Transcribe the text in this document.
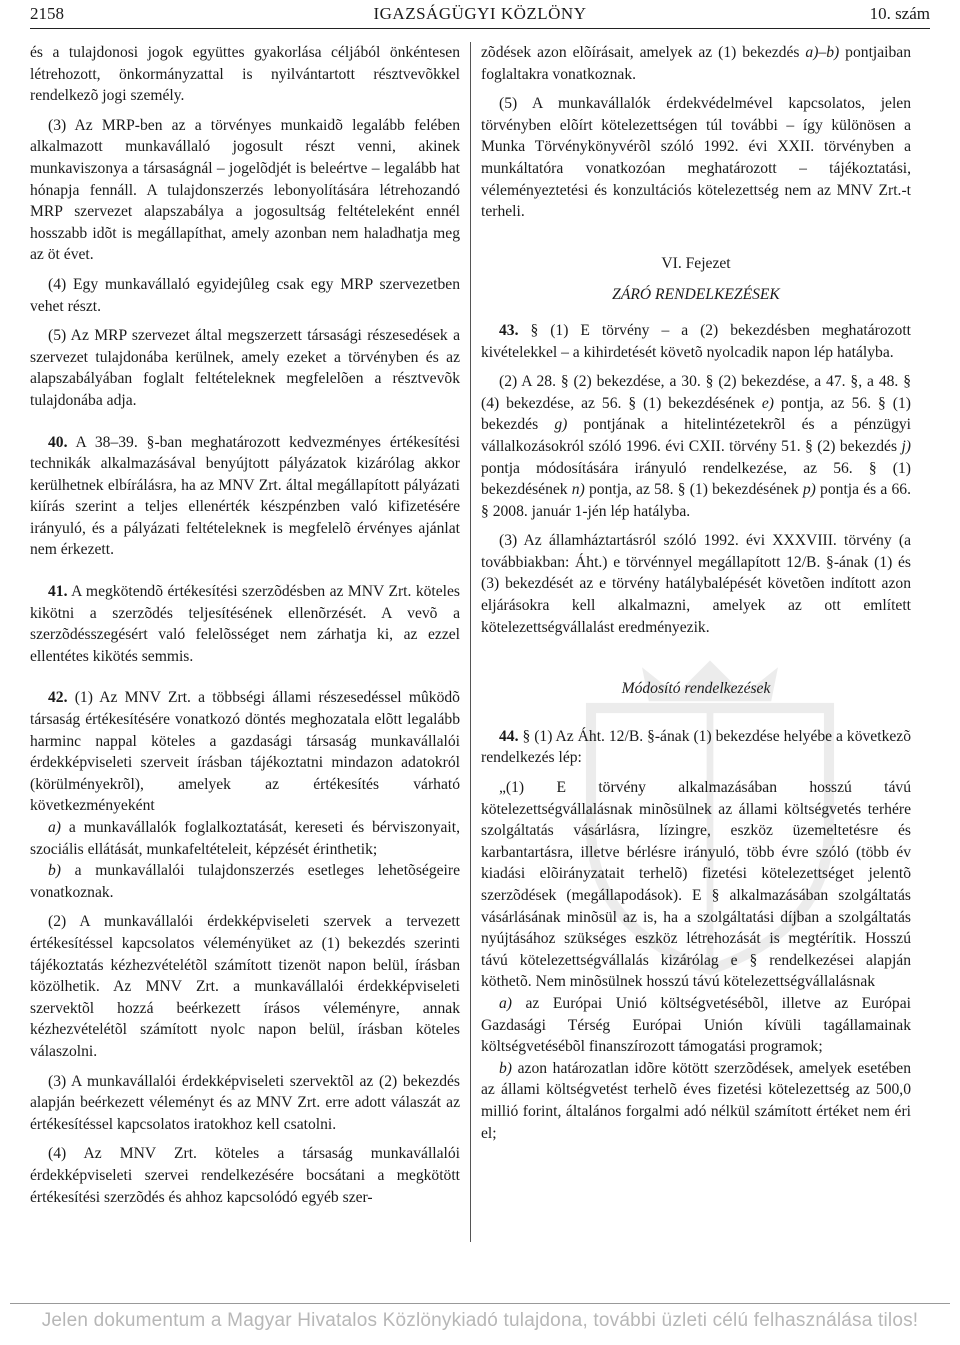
2158	IGAZSÁGÜGYI KÖZLÖNY	10. szám

és a tulajdonosi jogok együttes gyakorlása céljából önkéntesen létrehozott, önkormányzattal is nyilvántartott résztvevõkkel rendelkezõ jogi személy.

(3) Az MRP-ben az a törvényes munkaidõ legalább felében alkalmazott munkavállaló jogosult részt venni, akinek munkaviszonya a társaságnál – jogelõdjét is beleértve – legalább hat hónapja fennáll. A tulajdonszerzés lebonyolítására létrehozandó MRP szervezet alapszabálya a jogosultság feltételeként ennél hosszabb idõt is megállapíthat, amely azonban nem haladhatja meg az öt évet.

(4) Egy munkavállaló egyidejûleg csak egy MRP szervezetben vehet részt.

(5) Az MRP szervezet által megszerzett társasági részesedések a szervezet tulajdonába kerülnek, amely ezeket a törvényben és az alapszabályában foglalt feltételeknek megfelelõen a résztvevõk tulajdonába adja.

40. A 38–39. §-ban meghatározott kedvezményes értékesítési technikák alkalmazásával benyújtott pályázatok kizárólag akkor kerülhetnek elbírálásra, ha az MNV Zrt. által megállapított pályázati kiírás szerint a teljes ellenérték készpénzben való kifizetésére irányuló, és a pályázati feltételeknek is megfelelõ érvényes ajánlat nem érkezett.

41. A megkötendõ értékesítési szerzõdésben az MNV Zrt. köteles kikötni a szerzõdés teljesítésének ellenõrzését. A vevõ a szerzõdésszegésért való felelõsséget nem zárhatja ki, az ezzel ellentétes kikötés semmis.

42. (1) Az MNV Zrt. a többségi állami részesedéssel mûködõ társaság értékesítésére vonatkozó döntés meghozatala elõtt legalább harminc nappal köteles a gazdasági társaság munkavállalói érdekképviseleti szerveit írásban tájékoztatni mindazon adatokról (körülményekrõl), amelyek az értékesítés várható következményeként

a) a munkavállalók foglalkoztatását, kereseti és bérviszonyait, szociális ellátását, munkafeltételeit, képzését érinthetik;

b) a munkavállalói tulajdonszerzés esetleges lehetõségeire vonatkoznak.

(2) A munkavállalói érdekképviseleti szervek a tervezett értékesítéssel kapcsolatos véleményüket az (1) bekezdés szerinti tájékoztatás kézhezvételétõl számított tizenöt napon belül, írásban közölhetik. Az MNV Zrt. a munkavállalói érdekképviseleti szervektõl hozzá beérkezett írásos véleményre, annak kézhezvételétõl számított nyolc napon belül, írásban köteles válaszolni.

(3) A munkavállalói érdekképviseleti szervektõl az (2) bekezdés alapján beérkezett véleményt és az MNV Zrt. erre adott válaszát az értékesítéssel kapcsolatos iratokhoz kell csatolni.

(4) Az MNV Zrt. köteles a társaság munkavállalói érdekképviseleti szervei rendelkezésére bocsátani a megkötött értékesítési szerzõdés és ahhoz kapcsolódó egyéb szer-

zõdések azon elõírásait, amelyek az (1) bekezdés a)–b) pontjaiban foglaltakra vonatkoznak.

(5) A munkavállalók érdekvédelmével kapcsolatos, jelen törvényben elõírt kötelezettségen túl további – így különösen a Munka Törvénykönyvérõl szóló 1992. évi XXII. törvényben a munkáltatóra vonatkozóan meghatározott – tájékoztatási, véleményeztetési és konzultációs kötelezettség nem az MNV Zrt.-t terheli.

VI. Fejezet
ZÁRÓ RENDELKEZÉSEK

43. § (1) E törvény – a (2) bekezdésben meghatározott kivételekkel – a kihirdetését követõ nyolcadik napon lép hatályba.

(2) A 28. § (2) bekezdése, a 30. § (2) bekezdése, a 47. §, a 48. § (4) bekezdése, az 56. § (1) bekezdésének e) pontja, az 56. § (1) bekezdés g) pontjának a hitelintézetekrõl és a pénzügyi vállalkozásokról szóló 1996. évi CXII. törvény 51. § (2) bekezdés j) pontja módosítására irányuló rendelkezése, az 56. § (1) bekezdésének n) pontja, az 58. § (1) bekezdésének p) pontja és a 66. § 2008. január 1-jén lép hatályba.

(3) Az államháztartásról szóló 1992. évi XXXVIII. törvény (a továbbiakban: Áht.) e törvénnyel megállapított 12/B. §-ának (1) és (3) bekezdését az e törvény hatálybalépését követõen indított azon eljárásokra kell alkalmazni, amelyek az ott említett kötelezettségvállalást eredményezik.

Módosító rendelkezések

44. § (1) Az Áht. 12/B. §-ának (1) bekezdése helyébe a következõ rendelkezés lép:

„(1) E törvény alkalmazásában hosszú távú kötelezettségvállalásnak minõsülnek az állami költségvetés terhére szolgáltatás vásárlásra, lízingre, eszköz üzemeltetésre és karbantartásra, illetve bérlésre irányuló, több évre szóló (több év kiadási elõirányzatait terhelõ) fizetési kötelezettséget jelentõ szerzõdések (megállapodások). E § alkalmazásában szolgáltatás vásárlásának minõsül az is, ha a szolgáltatási díjban a szolgáltatás nyújtásához szükséges eszköz létrehozását is megtérítik. Hosszú távú kötelezettségvállalás kizárólag e § rendelkezései alapján köthetõ. Nem minõsülnek hosszú távú kötelezettségvállalásnak

a) az Európai Unió költségvetésébõl, illetve az Európai Gazdasági Térség Európai Unión kívüli tagállamainak költségvetésébõl finanszírozott támogatási programok;

b) azon határozatlan idõre kötött szerzõdések, amelyek esetében az állami költségvetést terhelõ éves fizetési kötelezettség az 500,0 millió forint, általános forgalmi adó nélkül számított értéket nem éri el;

Jelen dokumentum a Magyar Hivatalos Közlönykiadó tulajdona, további üzleti célú felhasználása tilos!
